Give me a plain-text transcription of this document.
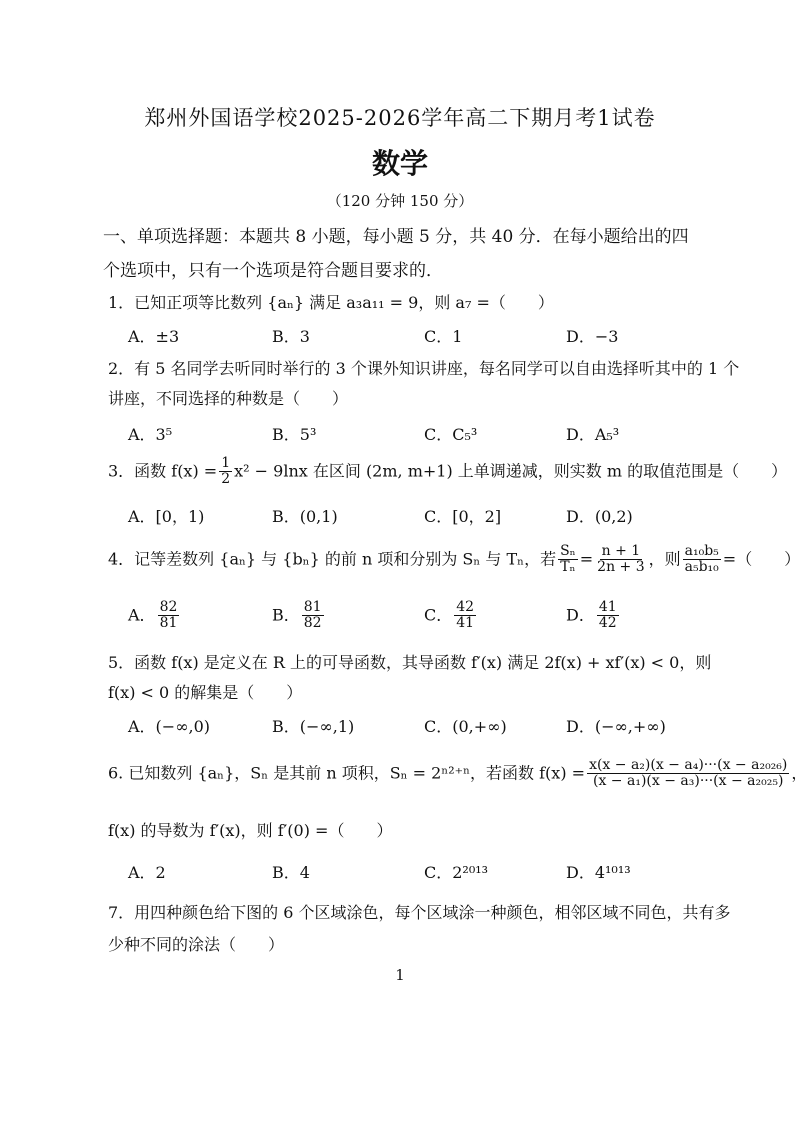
郑州外国语学校2025-2026学年高二下期月考1试卷
数学
（120 分钟 150 分）
一、单项选择题：本题共 8 小题，每小题 5 分，共 40 分．在每小题给出的四
个选项中，只有一个选项是符合题目要求的．
1．已知正项等比数列 {aₙ} 满足 a₃a₁₁ = 9，则 a₇ =（　　）
A．±3	B．3	C．1	D．−3
2．有 5 名同学去听同时举行的 3 个课外知识讲座，每名同学可以自由选择听其中的 1 个
讲座，不同选择的种数是（　　）
A．3⁵	B．5³	C．C₅³	D．A₅³
3．函数 $f(x) = \frac{1}{2} x^2 - 9\ln x$ 在区间 (2m, m+1) 上单调递减，则实数 m 的取值范围是（　　）
A．[0，1)	B．(0,1)	C．[0，2]	D．(0,2)
4．记等差数列 {aₙ} 与 {bₙ} 的前 n 项和分别为 Sₙ 与 Tₙ，若 $\frac{\text{Sₙ}}{\text{Tₙ}} = \frac{n + 1}{2n + 3}$ ，则 $\frac{\text{a₁₀b₅}}{\text{a₅b₁₀}}$ =（　　）
A． $\frac{82}{81}$	B． $\frac{81}{82}$	C． $\frac{42}{41}$	D． $\frac{41}{42}$
5．函数 f(x) 是定义在 R 上的可导函数，其导函数 f′(x) 满足 2f(x) + xf′(x) < 0，则
f(x) < 0 的解集是（　　）
A．(−∞,0)	B．(−∞,1)	C．(0,+∞)	D．(−∞,+∞)
6. 已知数列 {aₙ}，Sₙ 是其前 n 项积，Sₙ = 2ⁿ²⁺ⁿ，若函数 $f(x) = \frac{\text{x(x − a₂)(x − a₄)···(x − a₂₀₂₆)}}{\text{(x − a₁)(x − a₃)···(x − a₂₀₂₅)}}$ ，
f(x) 的导数为 f′(x)，则 f′(0) =（　　）
A．2	B．4	C．2²⁰¹³	D．4¹⁰¹³
7．用四种颜色给下图的 6 个区域涂色，每个区域涂一种颜色，相邻区域不同色，共有多
少种不同的涂法（　　）
1
